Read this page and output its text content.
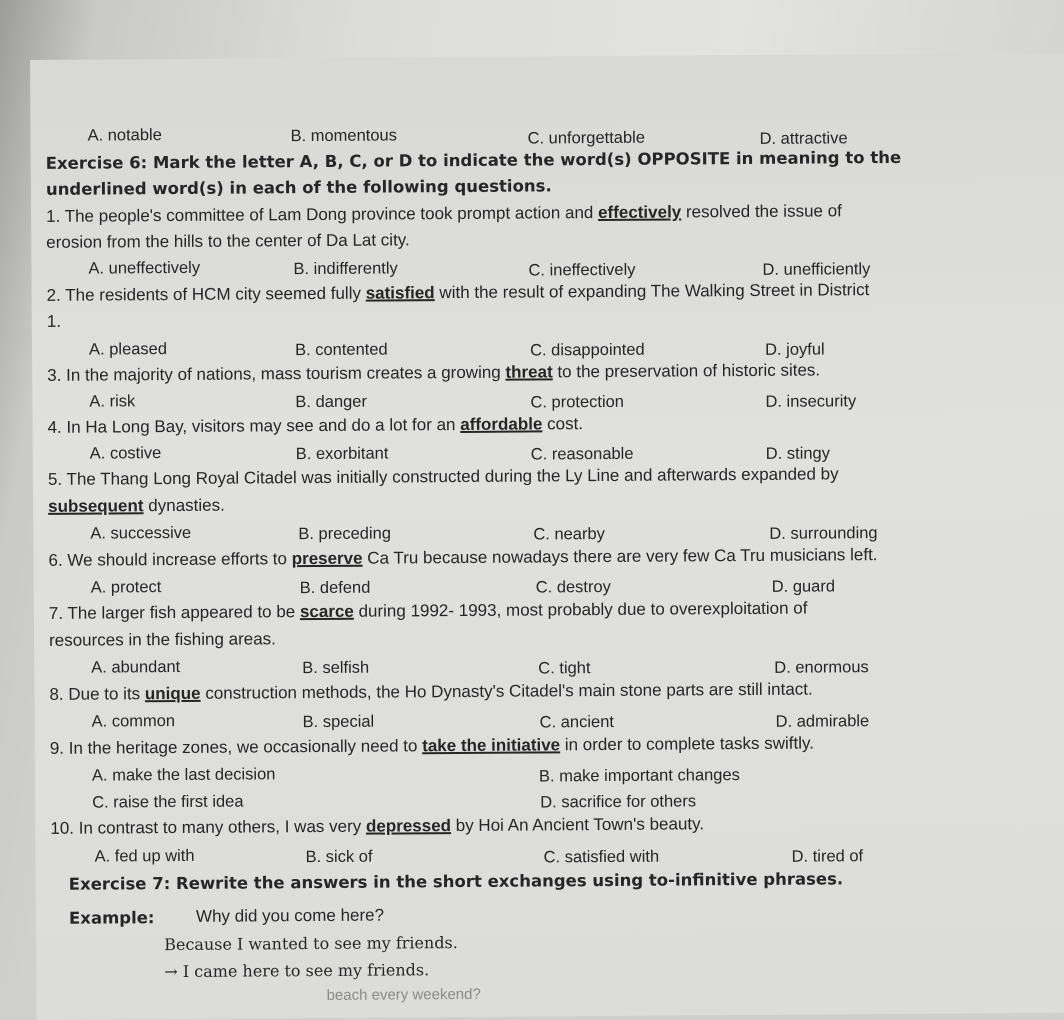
A. notable	B. momentous	C. unforgettable	D. attractive
Exercise 6: Mark the letter A, B, C, or D to indicate the word(s) OPPOSITE in meaning to the
underlined word(s) in each of the following questions.
1. The people's committee of Lam Dong province took prompt action and effectively resolved the issue of
erosion from the hills to the center of Da Lat city.
A. uneffectively	B. indifferently	C. ineffectively	D. unefficiently
2. The residents of HCM city seemed fully satisfied with the result of expanding The Walking Street in District
1.
A. pleased	B. contented	C. disappointed	D. joyful
3. In the majority of nations, mass tourism creates a growing threat to the preservation of historic sites.
A. risk	B. danger	C. protection	D. insecurity
4. In Ha Long Bay, visitors may see and do a lot for an affordable cost.
A. costive	B. exorbitant	C. reasonable	D. stingy
5. The Thang Long Royal Citadel was initially constructed during the Ly Line and afterwards expanded by
subsequent dynasties.
A. successive	B. preceding	C. nearby	D. surrounding
6. We should increase efforts to preserve Ca Tru because nowadays there are very few Ca Tru musicians left.
A. protect	B. defend	C. destroy	D. guard
7. The larger fish appeared to be scarce during 1992- 1993, most probably due to overexploitation of
resources in the fishing areas.
A. abundant	B. selfish	C. tight	D. enormous
8. Due to its unique construction methods, the Ho Dynasty's Citadel's main stone parts are still intact.
A. common	B. special	C. ancient	D. admirable
9. In the heritage zones, we occasionally need to take the initiative in order to complete tasks swiftly.
A. make the last decision	B. make important changes
C. raise the first idea	D. sacrifice for others
10. In contrast to many others, I was very depressed by Hoi An Ancient Town's beauty.
A. fed up with	B. sick of	C. satisfied with	D. tired of
Exercise 7: Rewrite the answers in the short exchanges using to-infinitive phrases.
Example: Why did you come here?
Because I wanted to see my friends.
→ I came here to see my friends.
beach every weekend?
